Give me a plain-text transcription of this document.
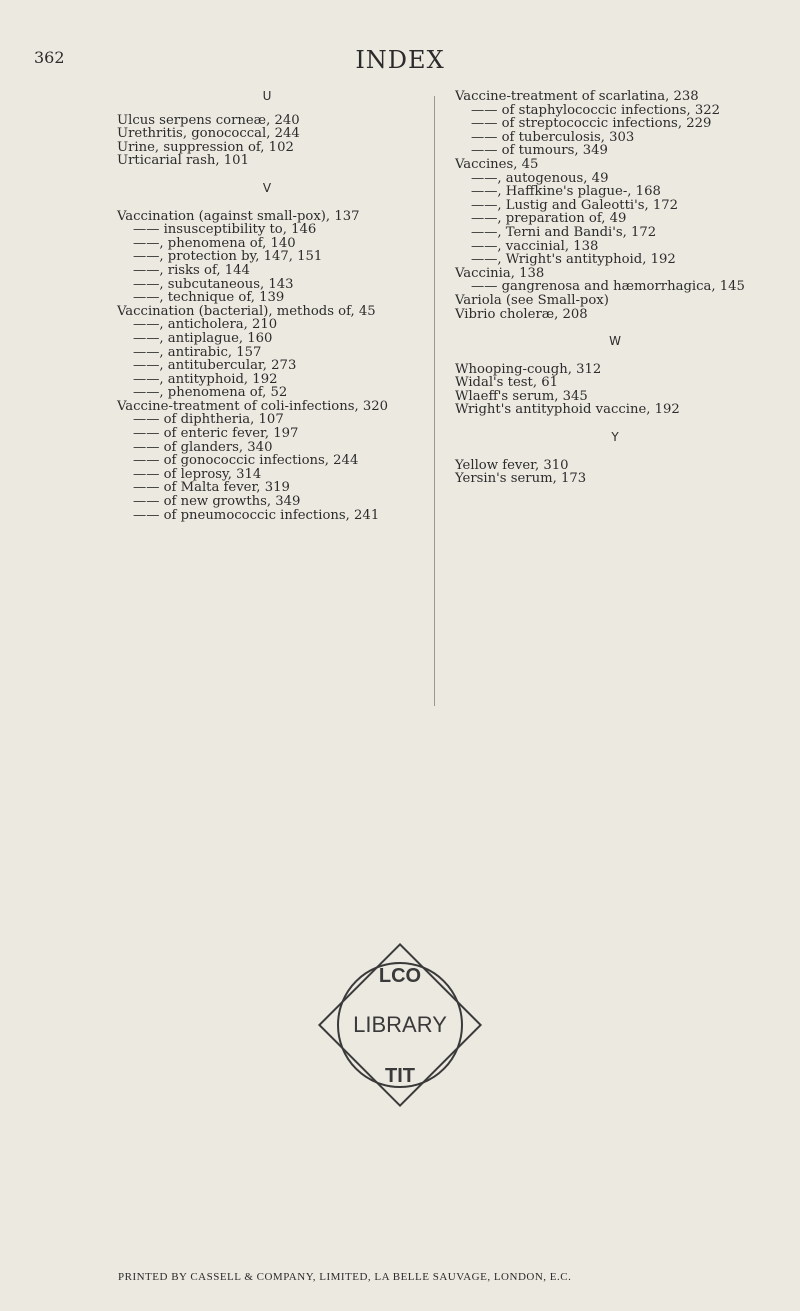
362	INDEX
U
Ulcus serpens corneæ, 240
Urethritis, gonococcal, 244
Urine, suppression of, 102
Urticarial rash, 101
V
Vaccination (against small-pox), 137
—— insusceptibility to, 146
——, phenomena of, 140
——, protection by, 147, 151
——, risks of, 144
——, subcutaneous, 143
——, technique of, 139
Vaccination (bacterial), methods of, 45
——, anticholera, 210
——, antiplague, 160
——, antirabic, 157
——, antitubercular, 273
——, antityphoid, 192
——, phenomena of, 52
Vaccine-treatment of coli-infections, 320
—— of diphtheria, 107
—— of enteric fever, 197
—— of glanders, 340
—— of gonococcic infections, 244
—— of leprosy, 314
—— of Malta fever, 319
—— of new growths, 349
—— of pneumococcic infections, 241
Vaccine-treatment of scarlatina, 238
—— of staphylococcic infections, 322
—— of streptococcic infections, 229
—— of tuberculosis, 303
—— of tumours, 349
Vaccines, 45
——, autogenous, 49
——, Haffkine's plague-, 168
——, Lustig and Galeotti's, 172
——, preparation of, 49
——, Terni and Bandi's, 172
——, vaccinial, 138
——, Wright's antityphoid, 192
Vaccinia, 138
—— gangrenosa and hæmorrhagica, 145
Variola (see Small-pox)
Vibrio choleræ, 208
W
Whooping-cough, 312
Widal's test, 61
Wlaeff's serum, 345
Wright's antityphoid vaccine, 192
Y
Yellow fever, 310
Yersin's serum, 173
LCO
LIBRARY
TIT
PRINTED BY CASSELL & COMPANY, LIMITED, LA BELLE SAUVAGE, LONDON, E.C.
